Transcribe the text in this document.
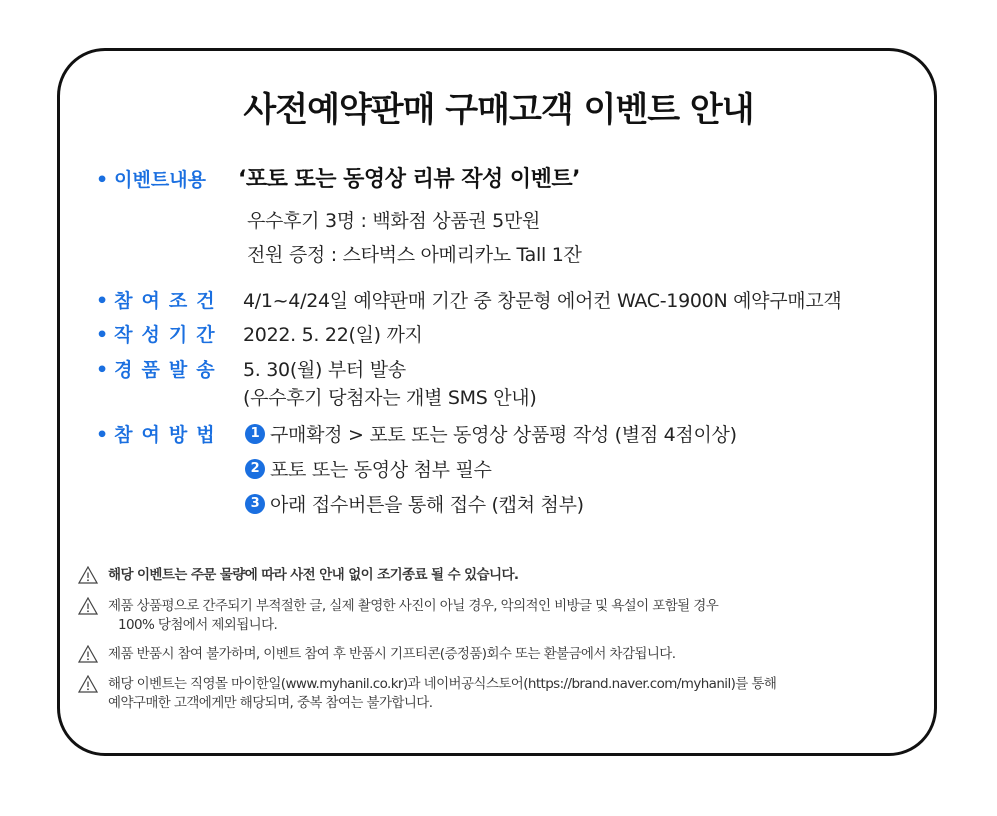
사전예약판매 구매고객 이벤트 안내
• 이벤트내용 ‘포토 또는 동영상 리뷰 작성 이벤트’
우수후기 3명 : 백화점 상품권 5만원
전원 증정 : 스타벅스 아메리카노 Tall 1잔
• 참여조건 4/1~4/24일 예약판매 기간 중 창문형 에어컨 WAC-1900N 예약구매고객
• 작성기간 2022. 5. 22(일) 까지
• 경품발송 5. 30(월) 부터 발송
(우수후기 당첨자는 개별 SMS 안내)
• 참여방법	1 구매확정 > 포토 또는 동영상 상품평 작성 (별점 4점이상)
2 포토 또는 동영상 첨부 필수
3 아래 접수버튼을 통해 접수 (캡쳐 첨부)
해당 이벤트는 주문 물량에 따라 사전 안내 없이 조기종료 될 수 있습니다.
제품 상품평으로 간주되기 부적절한 글, 실제 촬영한 사진이 아닐 경우, 악의적인 비방글 및 욕설이 포함될 경우
100% 당첨에서 제외됩니다.
제품 반품시 참여 불가하며, 이벤트 참여 후 반품시 기프티콘(증정품)회수 또는 환불금에서 차감됩니다.
해당 이벤트는 직영몰 마이한일(www.myhanil.co.kr)과 네이버공식스토어(https://brand.naver.com/myhanil)를 통해
예약구매한 고객에게만 해당되며, 중복 참여는 불가합니다.
